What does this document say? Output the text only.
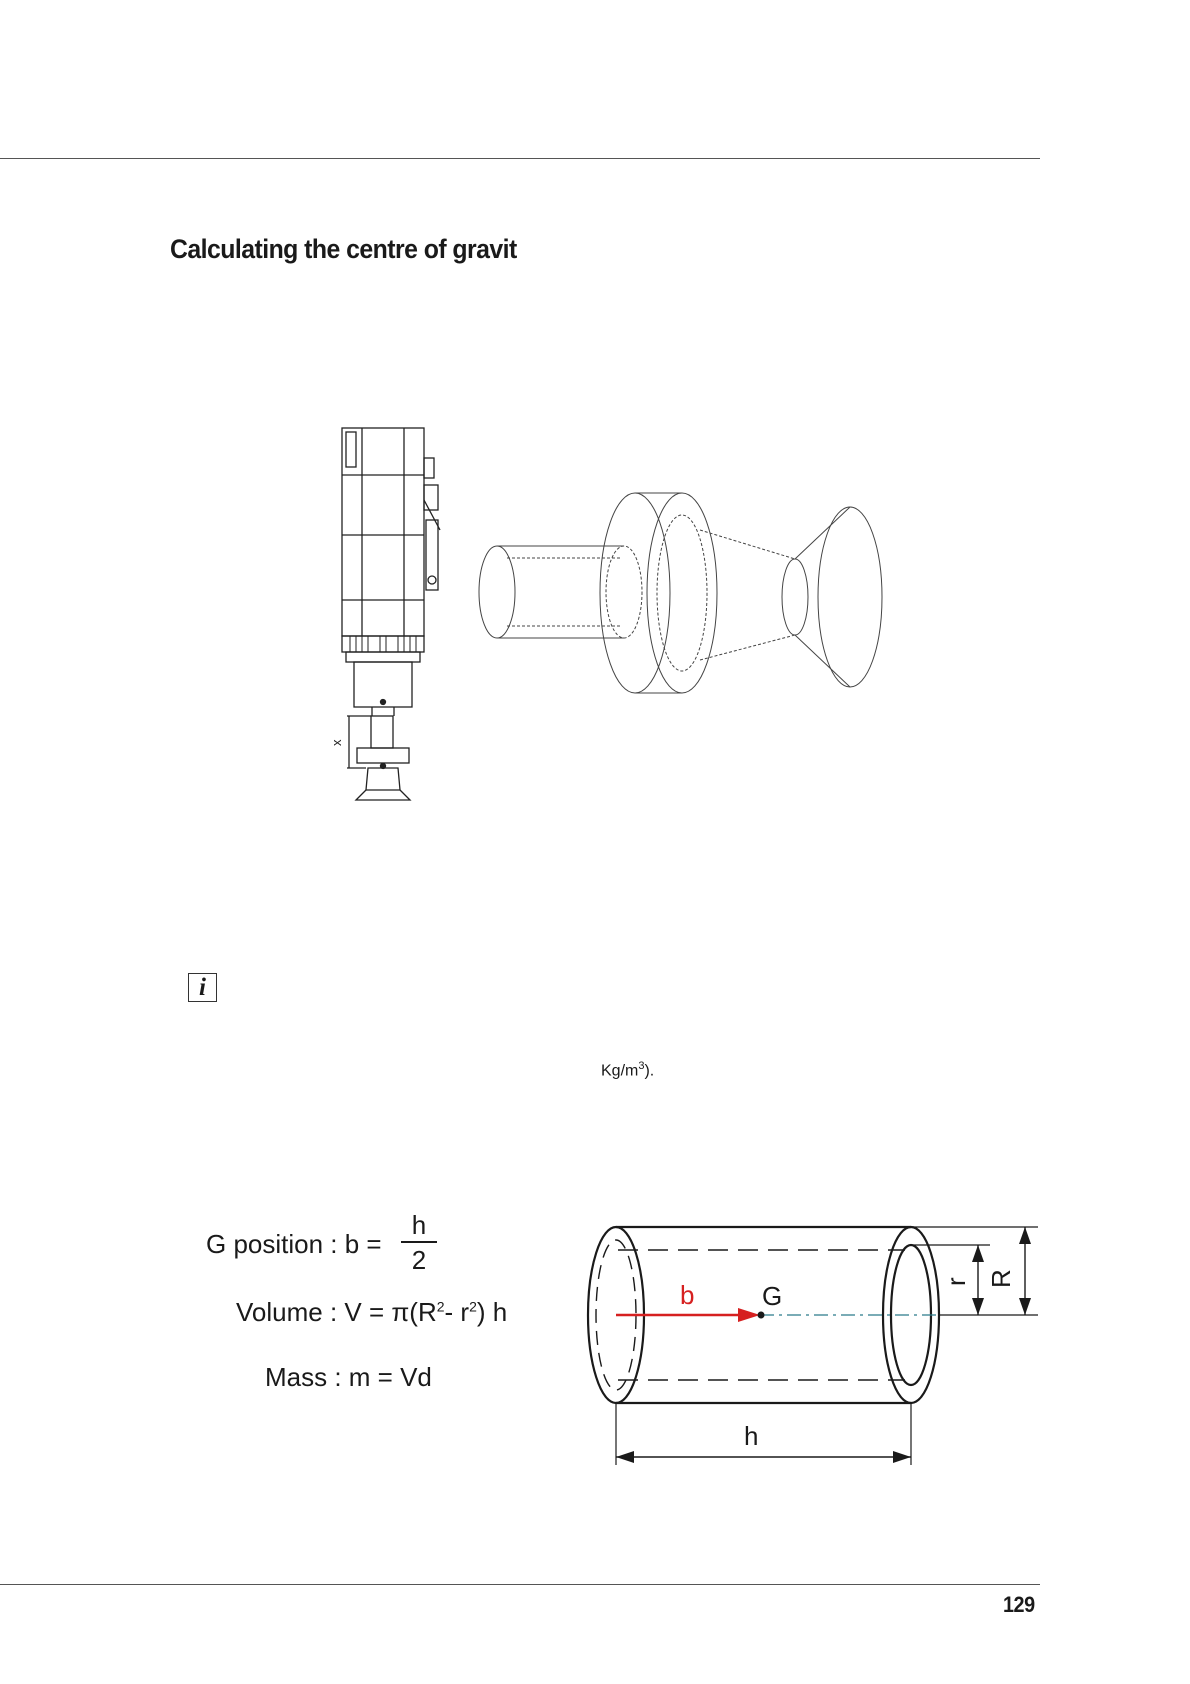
Calculating the centre of gravit
x
b	G	r R
h
i
$Kg/m^3$).
G position : b =
h
2
Volume : $V = \pi(R^2-$ $r^2$) h
Mass : m = Vd
129
